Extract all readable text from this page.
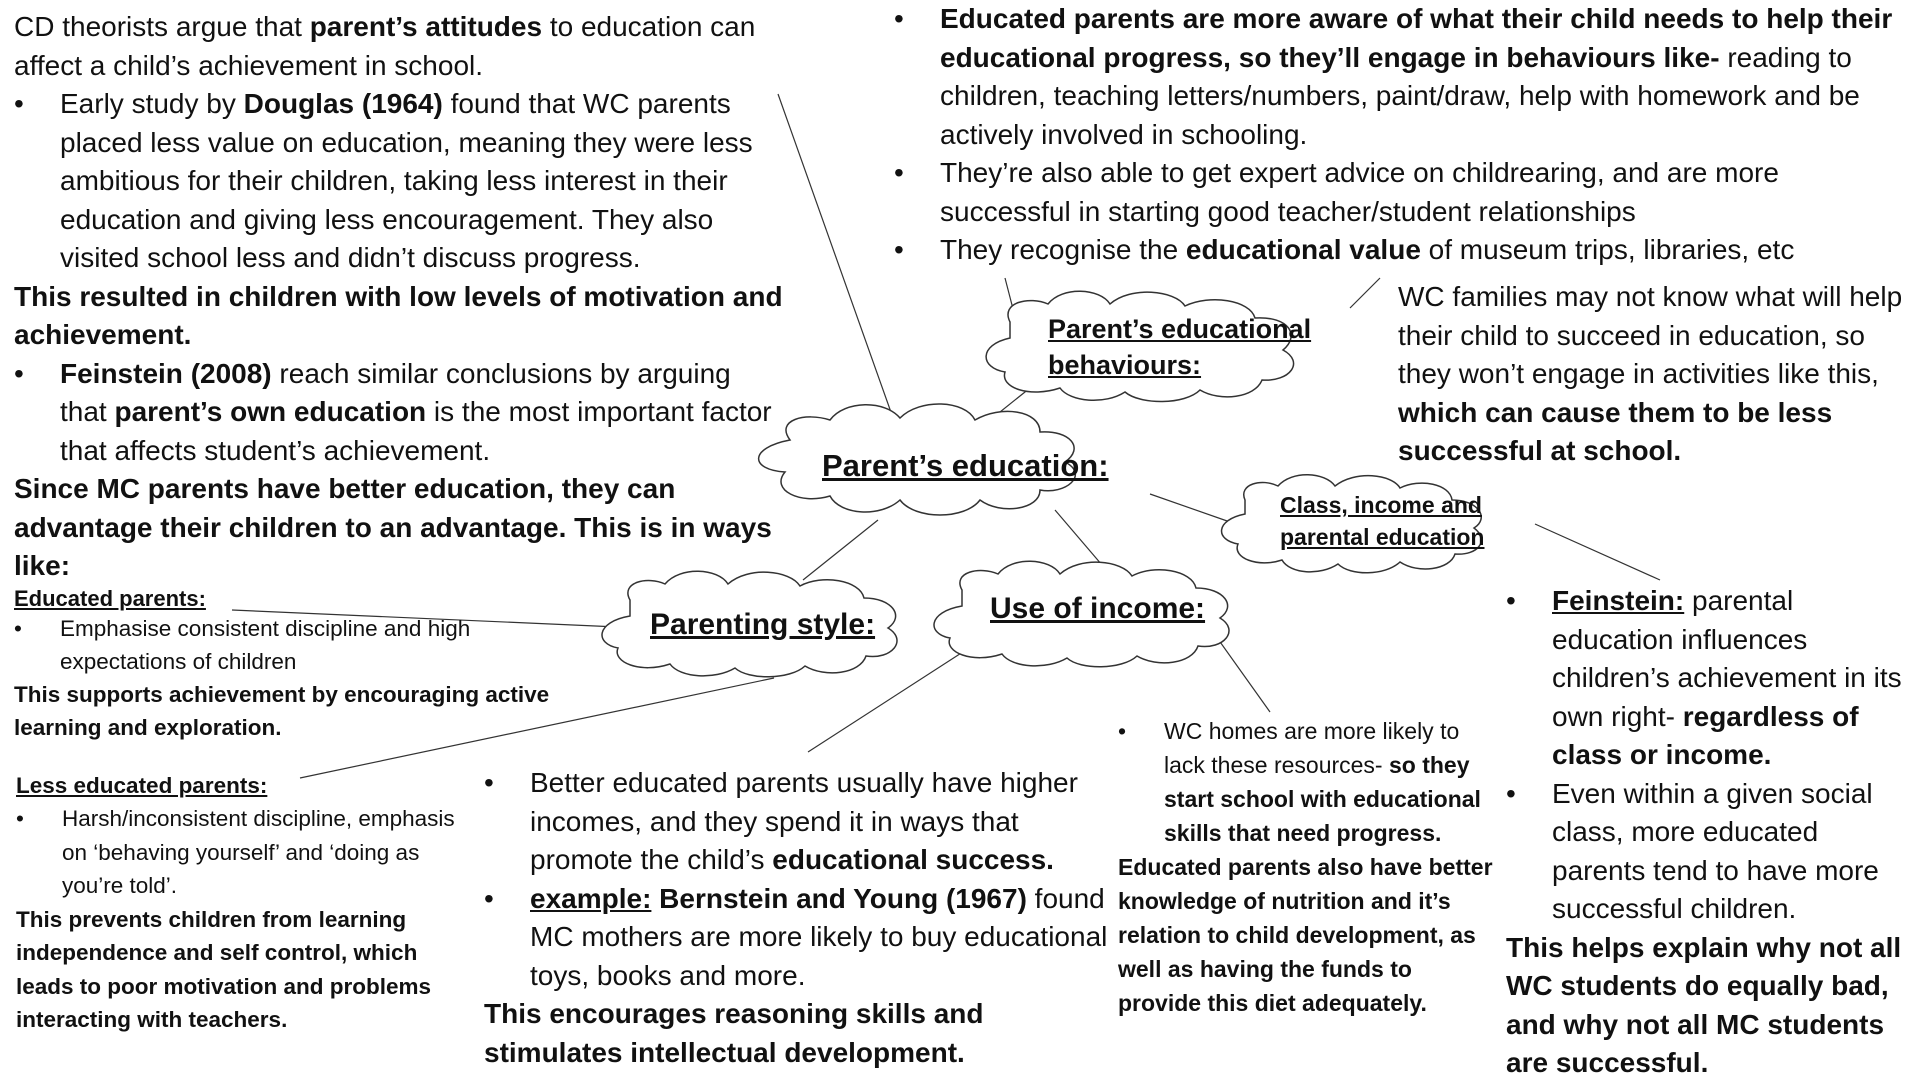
Parent’s education:
Parent’s educational
behaviours:
Class, income and
parental education
Parenting style:	Use of income:

CD theorists argue that parent’s attitudes to education can affect a child’s achievement in school.

• Early study by Douglas (1964) found that WC parents placed less value on education, meaning they were less ambitious for their children, taking less interest in their education and giving less encouragement. They also visited school less and didn’t discuss progress.

This resulted in children with low levels of motivation and achievement.

• Feinstein (2008) reach similar conclusions by arguing that parent’s own education is the most important factor that affects student’s achievement.

Since MC parents have better education, they can advantage their children to an advantage. This is in ways like:

Educated parents:

• Emphasise consistent discipline and high expectations of children

This supports achievement by encouraging active learning and exploration.

Less educated parents:

• Harsh/inconsistent discipline, emphasis on ‘behaving yourself’ and ‘doing as you’re told’.

This prevents children from learning independence and self control, which leads to poor motivation and problems interacting with teachers.

• Educated parents are more aware of what their child needs to help their educational progress, so they’ll engage in behaviours like- reading to children, teaching letters/numbers, paint/draw, help with homework and be actively involved in schooling.
• They’re also able to get expert advice on childrearing, and are more successful in starting good teacher/student relationships
• They recognise the educational value of museum trips, libraries, etc

WC families may not know what will help their child to succeed in education, so they won’t engage in activities like this, which can cause them to be less successful at school.

• Better educated parents usually have higher incomes, and they spend it in ways that promote the child’s educational success.
• example: Bernstein and Young (1967) found MC mothers are more likely to buy educational toys, books and more.

This encourages reasoning skills and stimulates intellectual development.

• WC homes are more likely to lack these resources- so they start school with educational skills that need progress.

Educated parents also have better knowledge of nutrition and it’s relation to child development, as well as having the funds to provide this diet adequately.

• Feinstein: parental education influences children’s achievement in its own right- regardless of class or income.
• Even within a given social class, more educated parents tend to have more successful children.

This helps explain why not all WC students do equally bad, and why not all MC students are successful.
